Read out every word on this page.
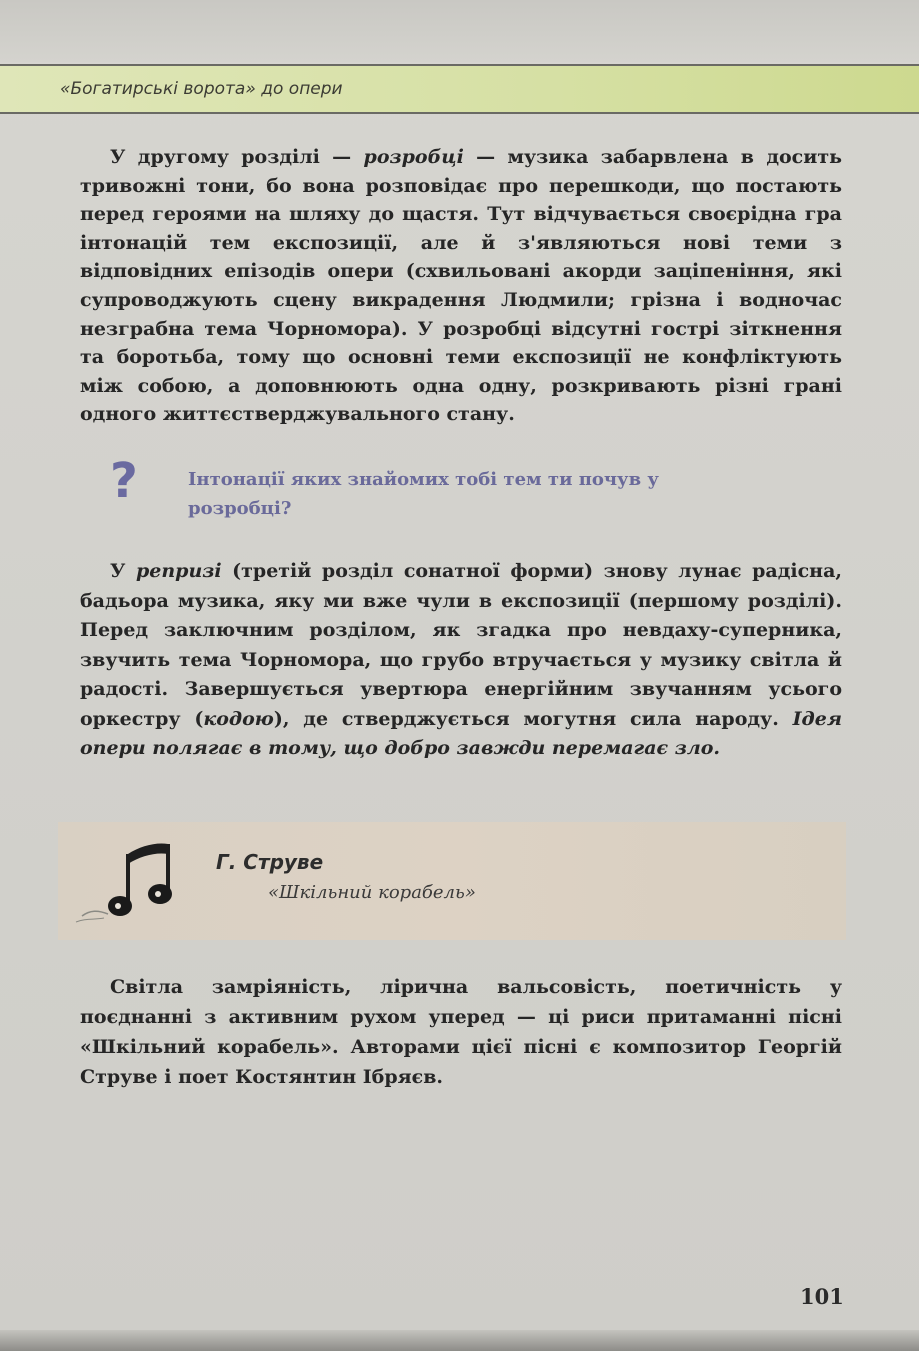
«Богатирські ворота» до опери

У другому розділі — розробці — музика забарвлена в досить тривожні тони, бо вона розповідає про перешкоди, що постають перед героями на шляху до щастя. Тут відчувається своєрідна гра інтонацій тем експозиції, але й з'являються нові теми з відповідних епізодів опери (схвильовані акорди заціпеніння, які супроводжують сцену викрадення Людмили; грізна і водночас незграбна тема Чорномора). У розробці відсутні гострі зіткнення та боротьба, тому що основні теми експозиції не конфліктують між собою, а доповнюють одна одну, розкривають різні грані одного життєстверджувального стану.

?	Інтонації яких знайомих тобі тем ти почув у розробці?

У репризі (третій розділ сонатної форми) знову лунає радісна, бадьора музика, яку ми вже чули в експозиції (першому розділі). Перед заключним розділом, як згадка про невдаху-суперника, звучить тема Чорномора, що грубо втручається у музику світла й радості. Завершується увертюра енергійним звучанням усього оркестру (кодою), де стверджується могутня сила народу. Ідея опери полягає в тому, що добро завжди перемагає зло.

Г. Струве
«Шкільний корабель»

Світла замріяність, ліричнa вальсовість, поетичність у поєднанні з активним рухом уперед — ці риси притаманні пісні «Шкільний корабель». Авторами цієї пісні є композитор Георгій Струве і поет Костянтин Ібряєв.

101
